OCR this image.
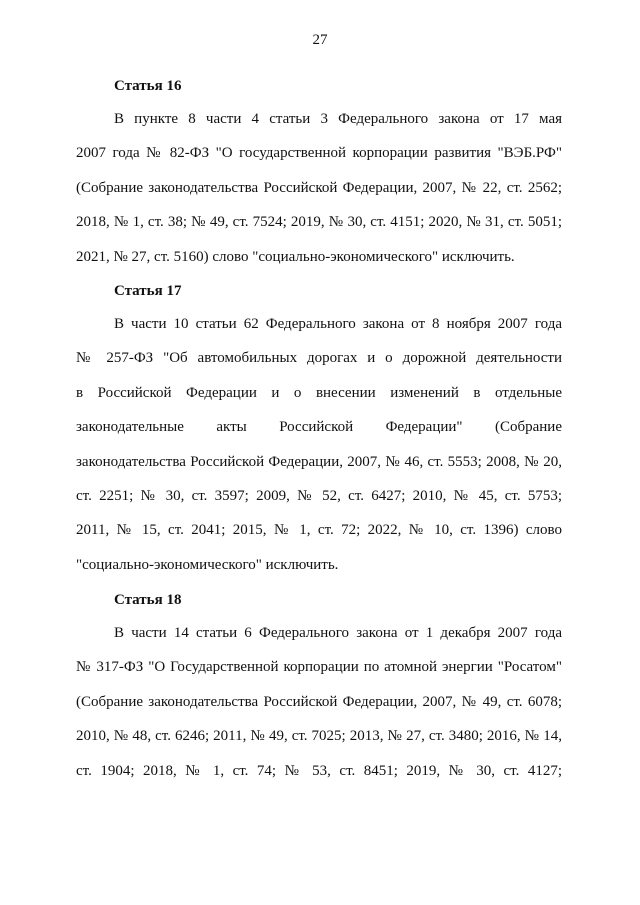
27
Статья 16

В пункте 8 части 4 статьи 3 Федерального закона от 17 мая
2007 года № 82-ФЗ "О государственной корпорации развития "ВЭБ.РФ"
(Собрание законодательства Российской Федерации, 2007, № 22, ст. 2562;
2018, № 1, ст. 38; № 49, ст. 7524; 2019, № 30, ст. 4151; 2020, № 31, ст. 5051;
2021, № 27, ст. 5160) слово "социально-экономического" исключить.

Статья 17

В части 10 статьи 62 Федерального закона от 8 ноября 2007 года
№ 257-ФЗ "Об автомобильных дорогах и о дорожной деятельности
в Российской Федерации и о внесении изменений в отдельные
законодательные акты Российской Федерации" (Собрание
законодательства Российской Федерации, 2007, № 46, ст. 5553; 2008, № 20,
ст. 2251; № 30, ст. 3597; 2009, № 52, ст. 6427; 2010, № 45, ст. 5753;
2011, № 15, ст. 2041; 2015, № 1, ст. 72; 2022, № 10, ст. 1396) слово
"социально-экономического" исключить.

Статья 18

В части 14 статьи 6 Федерального закона от 1 декабря 2007 года
№ 317-ФЗ "О Государственной корпорации по атомной энергии "Росатом"
(Собрание законодательства Российской Федерации, 2007, № 49, ст. 6078;
2010, № 48, ст. 6246; 2011, № 49, ст. 7025; 2013, № 27, ст. 3480; 2016, № 14,
ст. 1904; 2018, № 1, ст. 74; № 53, ст. 8451; 2019, № 30, ст. 4127;
